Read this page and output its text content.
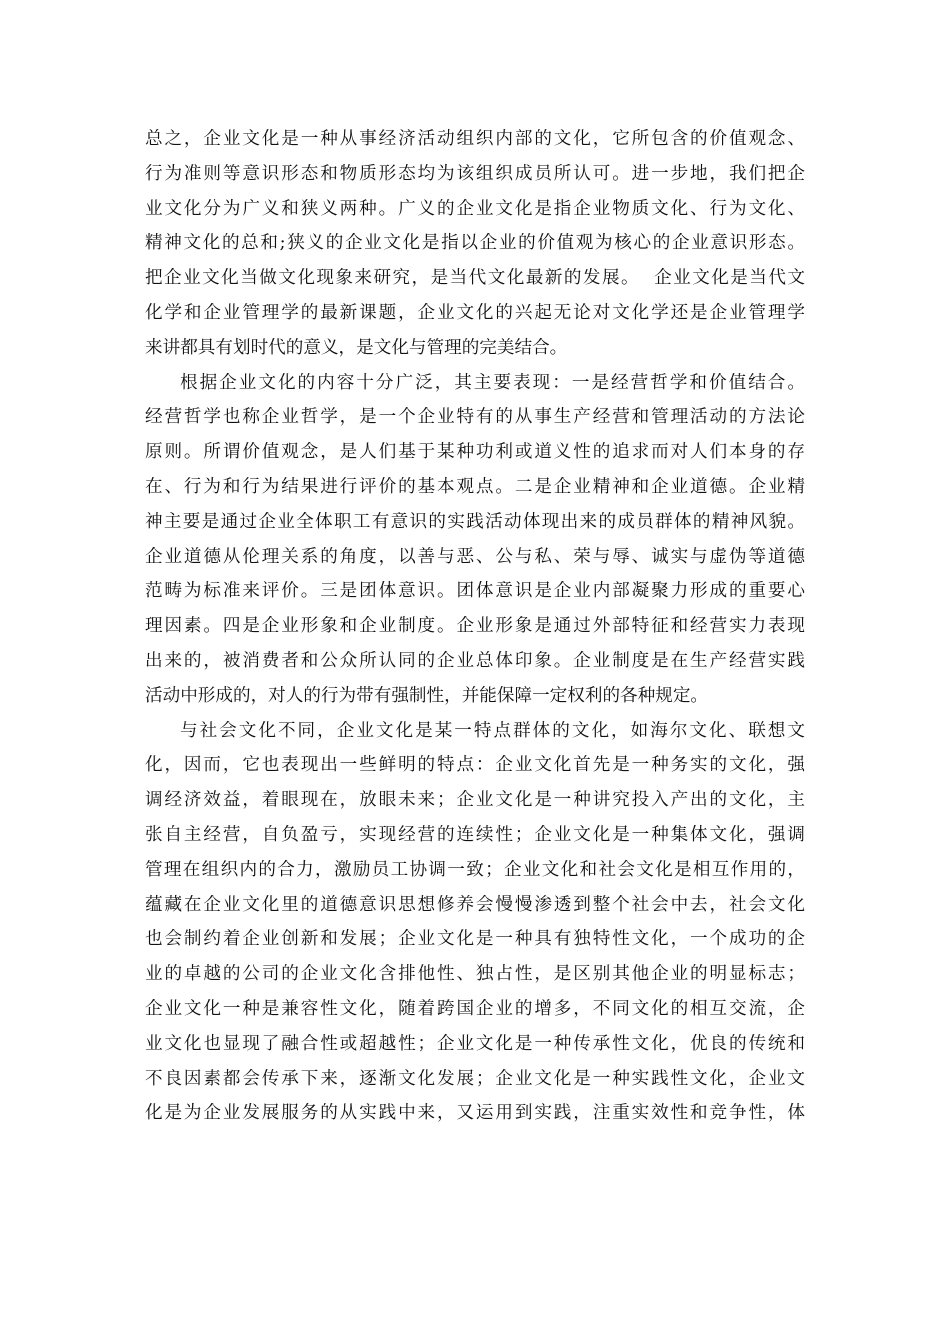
总之，企业文化是一种从事经济活动组织内部的文化，它所包含的价值观念、
行为准则等意识形态和物质形态均为该组织成员所认可。进一步地，我们把企
业文化分为广义和狭义两种。广义的企业文化是指企业物质文化、行为文化、
精神文化的总和;狭义的企业文化是指以企业的价值观为核心的企业意识形态。
把企业文化当做文化现象来研究，是当代文化最新的发展。  企业文化是当代文
化学和企业管理学的最新课题，企业文化的兴起无论对文化学还是企业管理学
来讲都具有划时代的意义，是文化与管理的完美结合。
根据企业文化的内容十分广泛，其主要表现：一是经营哲学和价值结合。
经营哲学也称企业哲学，是一个企业特有的从事生产经营和管理活动的方法论
原则。所谓价值观念，是人们基于某种功利或道义性的追求而对人们本身的存
在、行为和行为结果进行评价的基本观点。二是企业精神和企业道德。企业精
神主要是通过企业全体职工有意识的实践活动体现出来的成员群体的精神风貌。
企业道德从伦理关系的角度，以善与恶、公与私、荣与辱、诚实与虚伪等道德
范畴为标准来评价。三是团体意识。团体意识是企业内部凝聚力形成的重要心
理因素。四是企业形象和企业制度。企业形象是通过外部特征和经营实力表现
出来的，被消费者和公众所认同的企业总体印象。企业制度是在生产经营实践
活动中形成的，对人的行为带有强制性，并能保障一定权利的各种规定。
与社会文化不同，企业文化是某一特点群体的文化，如海尔文化、联想文
化，因而，它也表现出一些鲜明的特点：企业文化首先是一种务实的文化，强
调经济效益，着眼现在，放眼未来；企业文化是一种讲究投入产出的文化，主
张自主经营，自负盈亏，实现经营的连续性；企业文化是一种集体文化，强调
管理在组织内的合力，激励员工协调一致；企业文化和社会文化是相互作用的，
蕴藏在企业文化里的道德意识思想修养会慢慢渗透到整个社会中去，社会文化
也会制约着企业创新和发展；企业文化是一种具有独特性文化，一个成功的企
业的卓越的公司的企业文化含排他性、独占性，是区别其他企业的明显标志；
企业文化一种是兼容性文化，随着跨国企业的增多，不同文化的相互交流，企
业文化也显现了融合性或超越性；企业文化是一种传承性文化，优良的传统和
不良因素都会传承下来，逐渐文化发展；企业文化是一种实践性文化，企业文
化是为企业发展服务的从实践中来，又运用到实践，注重实效性和竞争性，体
